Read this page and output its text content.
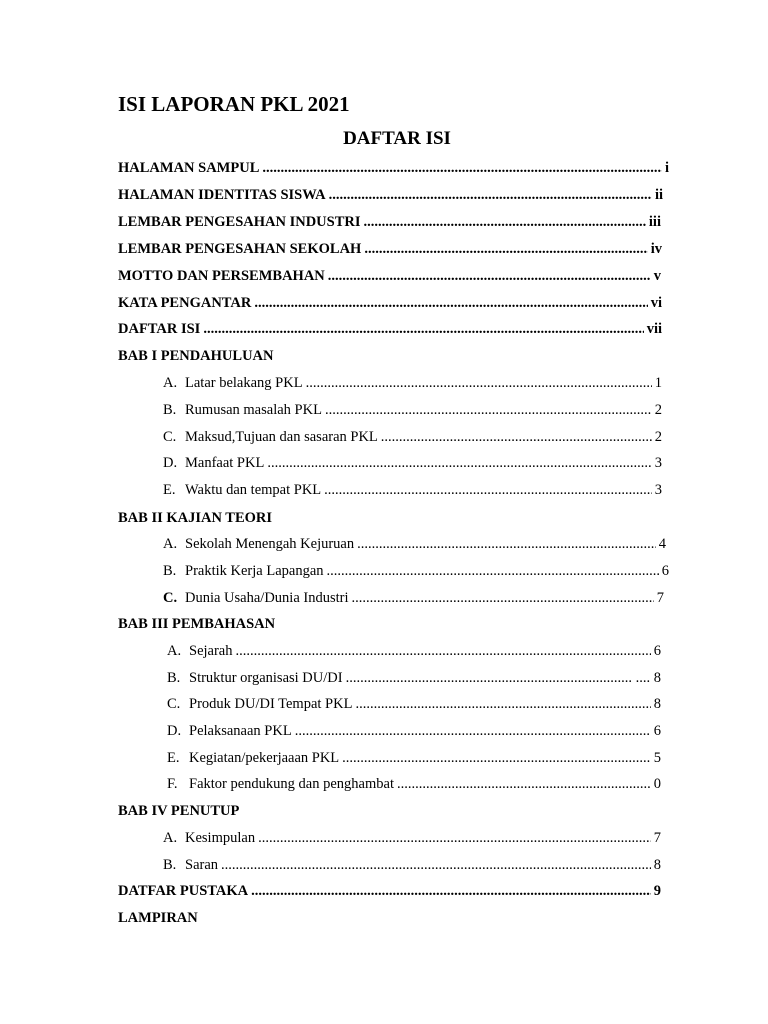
ISI LAPORAN PKL 2021
DAFTAR ISI
HALAMAN SAMPUL .....	i
HALAMAN IDENTITAS SISWA .....	ii
LEMBAR PENGESAHAN INDUSTRI .....	iii
LEMBAR PENGESAHAN SEKOLAH .....	iv
MOTTO DAN PERSEMBAHAN .....	v
KATA PENGANTAR .....	vi
DAFTAR ISI .....	vii
BAB I PENDAHULUAN
A. Latar belakang PKL .....	1
B. Rumusan masalah PKL .....	2
C. Maksud,Tujuan dan sasaran PKL .....	2
D. Manfaat PKL .....	3
E. Waktu dan tempat PKL .....	3
BAB II KAJIAN TEORI
A. Sekolah Menengah Kejuruan .....	4
B. Praktik Kerja Lapangan .....	6
C. Dunia Usaha/Dunia Industri .....	7
BAB III PEMBAHASAN
A. Sejarah .....	6
B. Struktur organisasi DU/DI .....	.... 8
C. Produk DU/DI Tempat PKL .....	8
D. Pelaksanaan PKL .....	6
E. Kegiatan/pekerjaaan PKL .....	5
F. Faktor pendukung dan penghambat .....	0
BAB IV PENUTUP
A. Kesimpulan .....	7
B. Saran .....	8
DATFAR PUSTAKA .....	9
LAMPIRAN
